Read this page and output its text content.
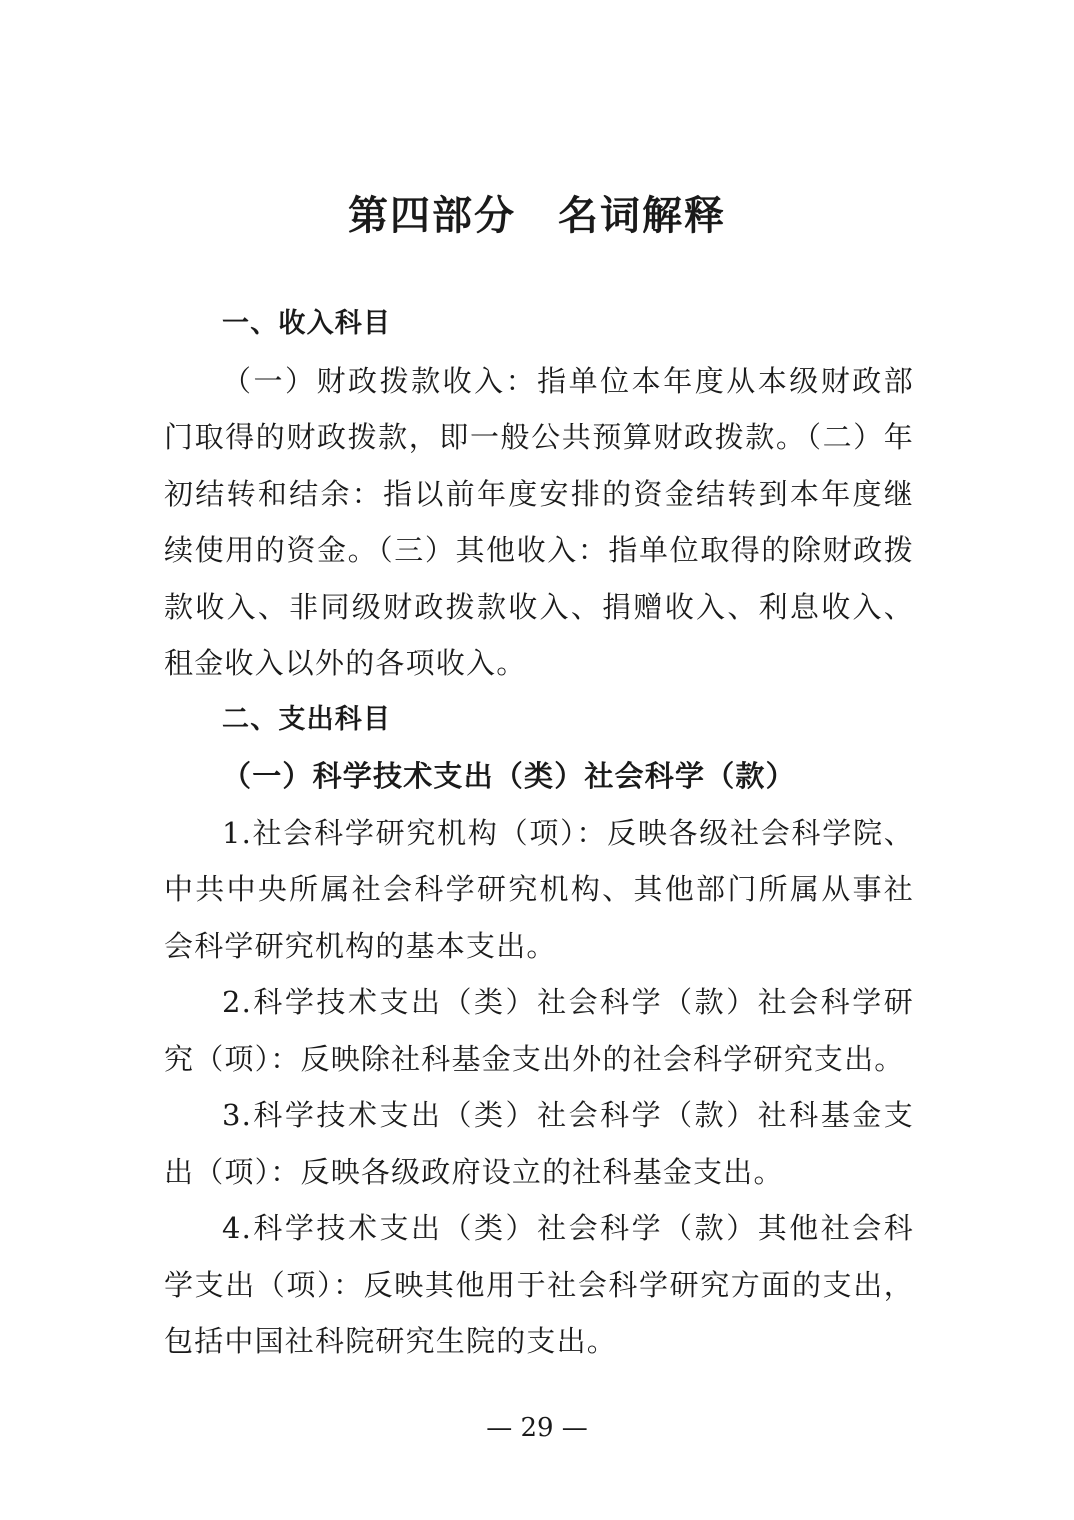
第四部分　名词解释

一、收入科目

（一）财政拨款收入：指单位本年度从本级财政部门取得的财政拨款，即一般公共预算财政拨款。（二）年初结转和结余：指以前年度安排的资金结转到本年度继续使用的资金。（三）其他收入：指单位取得的除财政拨款收入、非同级财政拨款收入、捐赠收入、利息收入、租金收入以外的各项收入。

二、支出科目

（一）科学技术支出（类）社会科学（款）

1.社会科学研究机构（项）：反映各级社会科学院、中共中央所属社会科学研究机构、其他部门所属从事社会科学研究机构的基本支出。

2.科学技术支出（类）社会科学（款）社会科学研究（项）：反映除社科基金支出外的社会科学研究支出。

3.科学技术支出（类）社会科学（款）社科基金支出（项）：反映各级政府设立的社科基金支出。

4.科学技术支出（类）社会科学（款）其他社会科学支出（项）：反映其他用于社会科学研究方面的支出，包括中国社科院研究生院的支出。

— 29 —
